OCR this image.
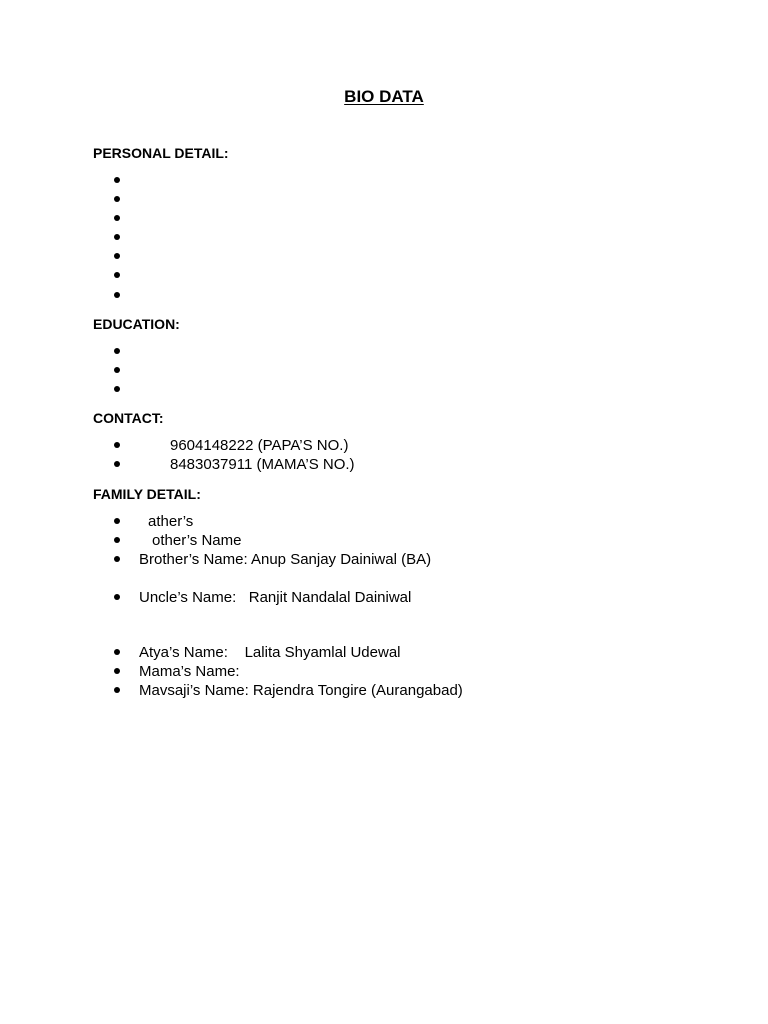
BIO DATA
PERSONAL DETAIL:
EDUCATION:
CONTACT:
9604148222 (PAPA’S NO.)
8483037911 (MAMA’S NO.)
FAMILY DETAIL:
ather’s
other’s Name
Brother’s Name: Anup Sanjay Dainiwal (BA)
Uncle’s Name:   Ranjit Nandalal Dainiwal
Atya’s Name:    Lalita Shyamlal Udewal
Mama’s Name:
Mavsaji’s Name: Rajendra Tongire (Aurangabad)
